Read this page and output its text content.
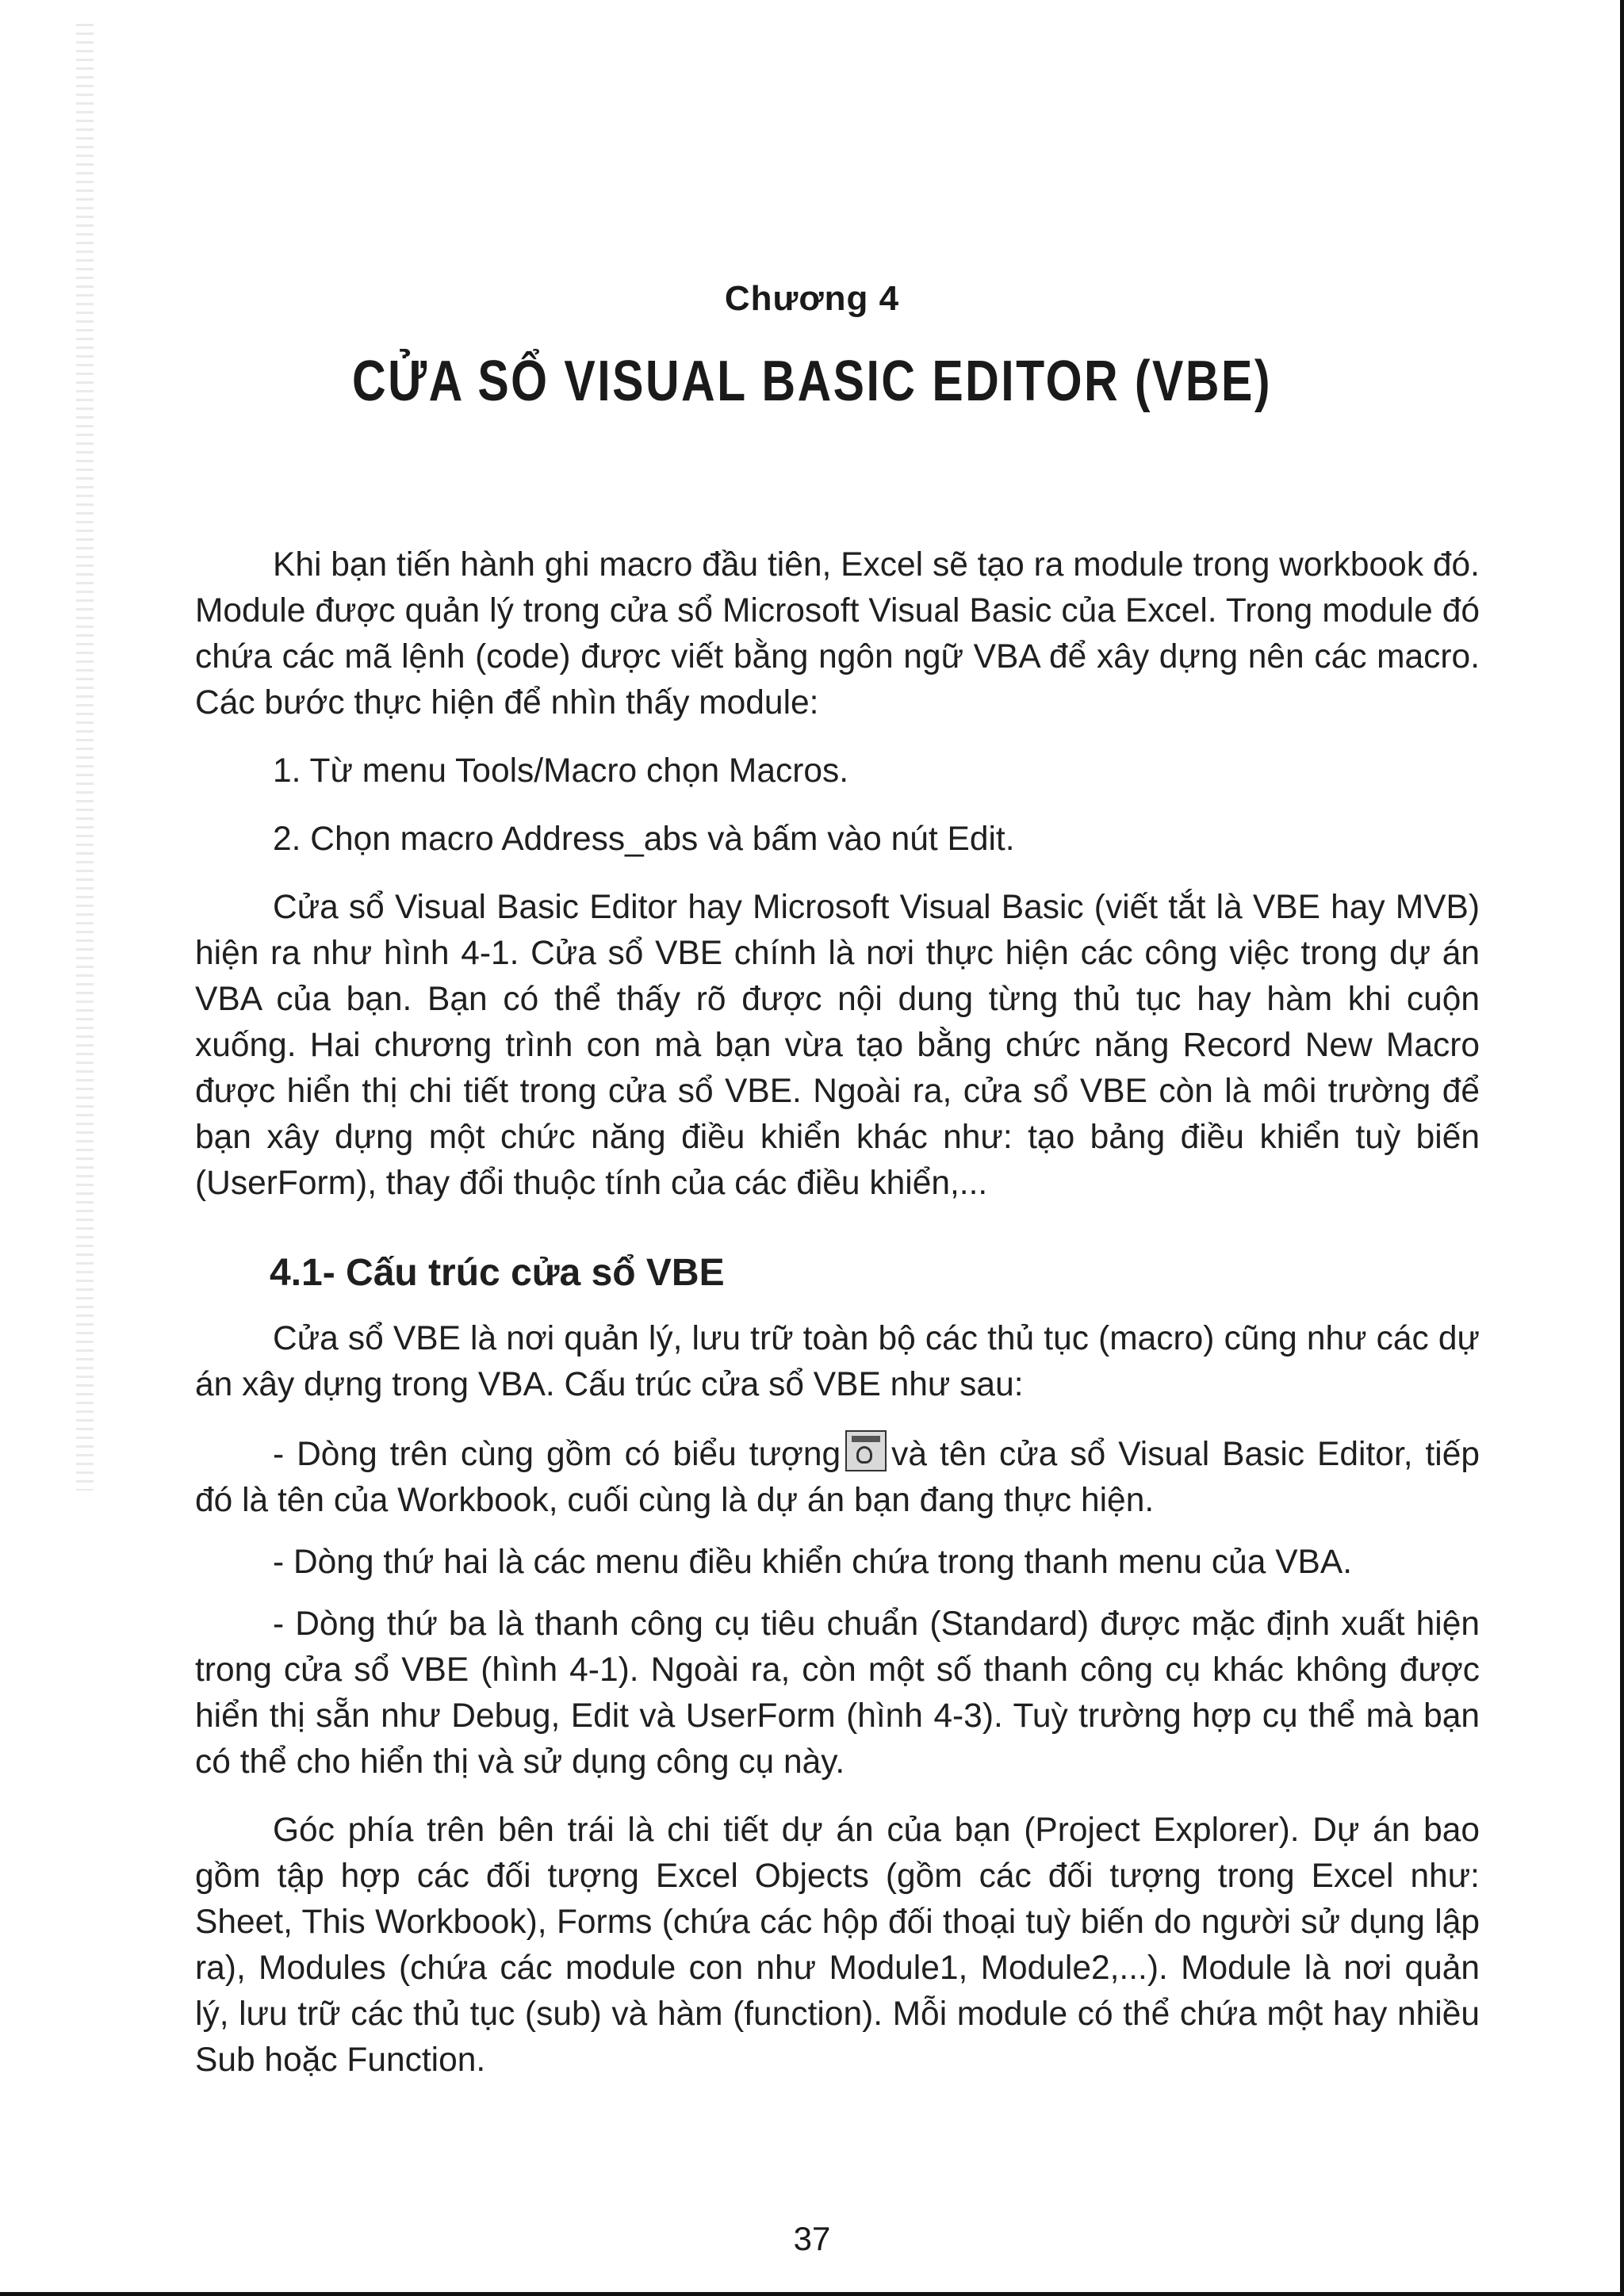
Chương 4
CỬA SỔ VISUAL BASIC EDITOR (VBE)

Khi bạn tiến hành ghi macro đầu tiên, Excel sẽ tạo ra module trong workbook đó. Module được quản lý trong cửa sổ Microsoft Visual Basic của Excel. Trong module đó chứa các mã lệnh (code) được viết bằng ngôn ngữ VBA để xây dựng nên các macro. Các bước thực hiện để nhìn thấy module:

1. Từ menu Tools/Macro chọn Macros.

2. Chọn macro Address_abs và bấm vào nút Edit.

Cửa sổ Visual Basic Editor hay Microsoft Visual Basic (viết tắt là VBE hay MVB) hiện ra như hình 4-1. Cửa sổ VBE chính là nơi thực hiện các công việc trong dự án VBA của bạn. Bạn có thể thấy rõ được nội dung từng thủ tục hay hàm khi cuộn xuống. Hai chương trình con mà bạn vừa tạo bằng chức năng Record New Macro được hiển thị chi tiết trong cửa sổ VBE. Ngoài ra, cửa sổ VBE còn là môi trường để bạn xây dựng một chức năng điều khiển khác như: tạo bảng điều khiển tuỳ biến (UserForm), thay đổi thuộc tính của các điều khiển,...

4.1- Cấu trúc cửa sổ VBE

Cửa sổ VBE là nơi quản lý, lưu trữ toàn bộ các thủ tục (macro) cũng như các dự án xây dựng trong VBA. Cấu trúc cửa sổ VBE như sau:

- Dòng trên cùng gồm có biểu tượng và tên cửa sổ Visual Basic Editor, tiếp đó là tên của Workbook, cuối cùng là dự án bạn đang thực hiện.

- Dòng thứ hai là các menu điều khiển chứa trong thanh menu của VBA.

- Dòng thứ ba là thanh công cụ tiêu chuẩn (Standard) được mặc định xuất hiện trong cửa sổ VBE (hình 4-1). Ngoài ra, còn một số thanh công cụ khác không được hiển thị sẵn như Debug, Edit và UserForm (hình 4-3). Tuỳ trường hợp cụ thể mà bạn có thể cho hiển thị và sử dụng công cụ này.

Góc phía trên bên trái là chi tiết dự án của bạn (Project Explorer). Dự án bao gồm tập hợp các đối tượng Excel Objects (gồm các đối tượng trong Excel như: Sheet, This Workbook), Forms (chứa các hộp đối thoại tuỳ biến do người sử dụng lập ra), Modules (chứa các module con như Module1, Module2,...). Module là nơi quản lý, lưu trữ các thủ tục (sub) và hàm (function). Mỗi module có thể chứa một hay nhiều Sub hoặc Function.

37
